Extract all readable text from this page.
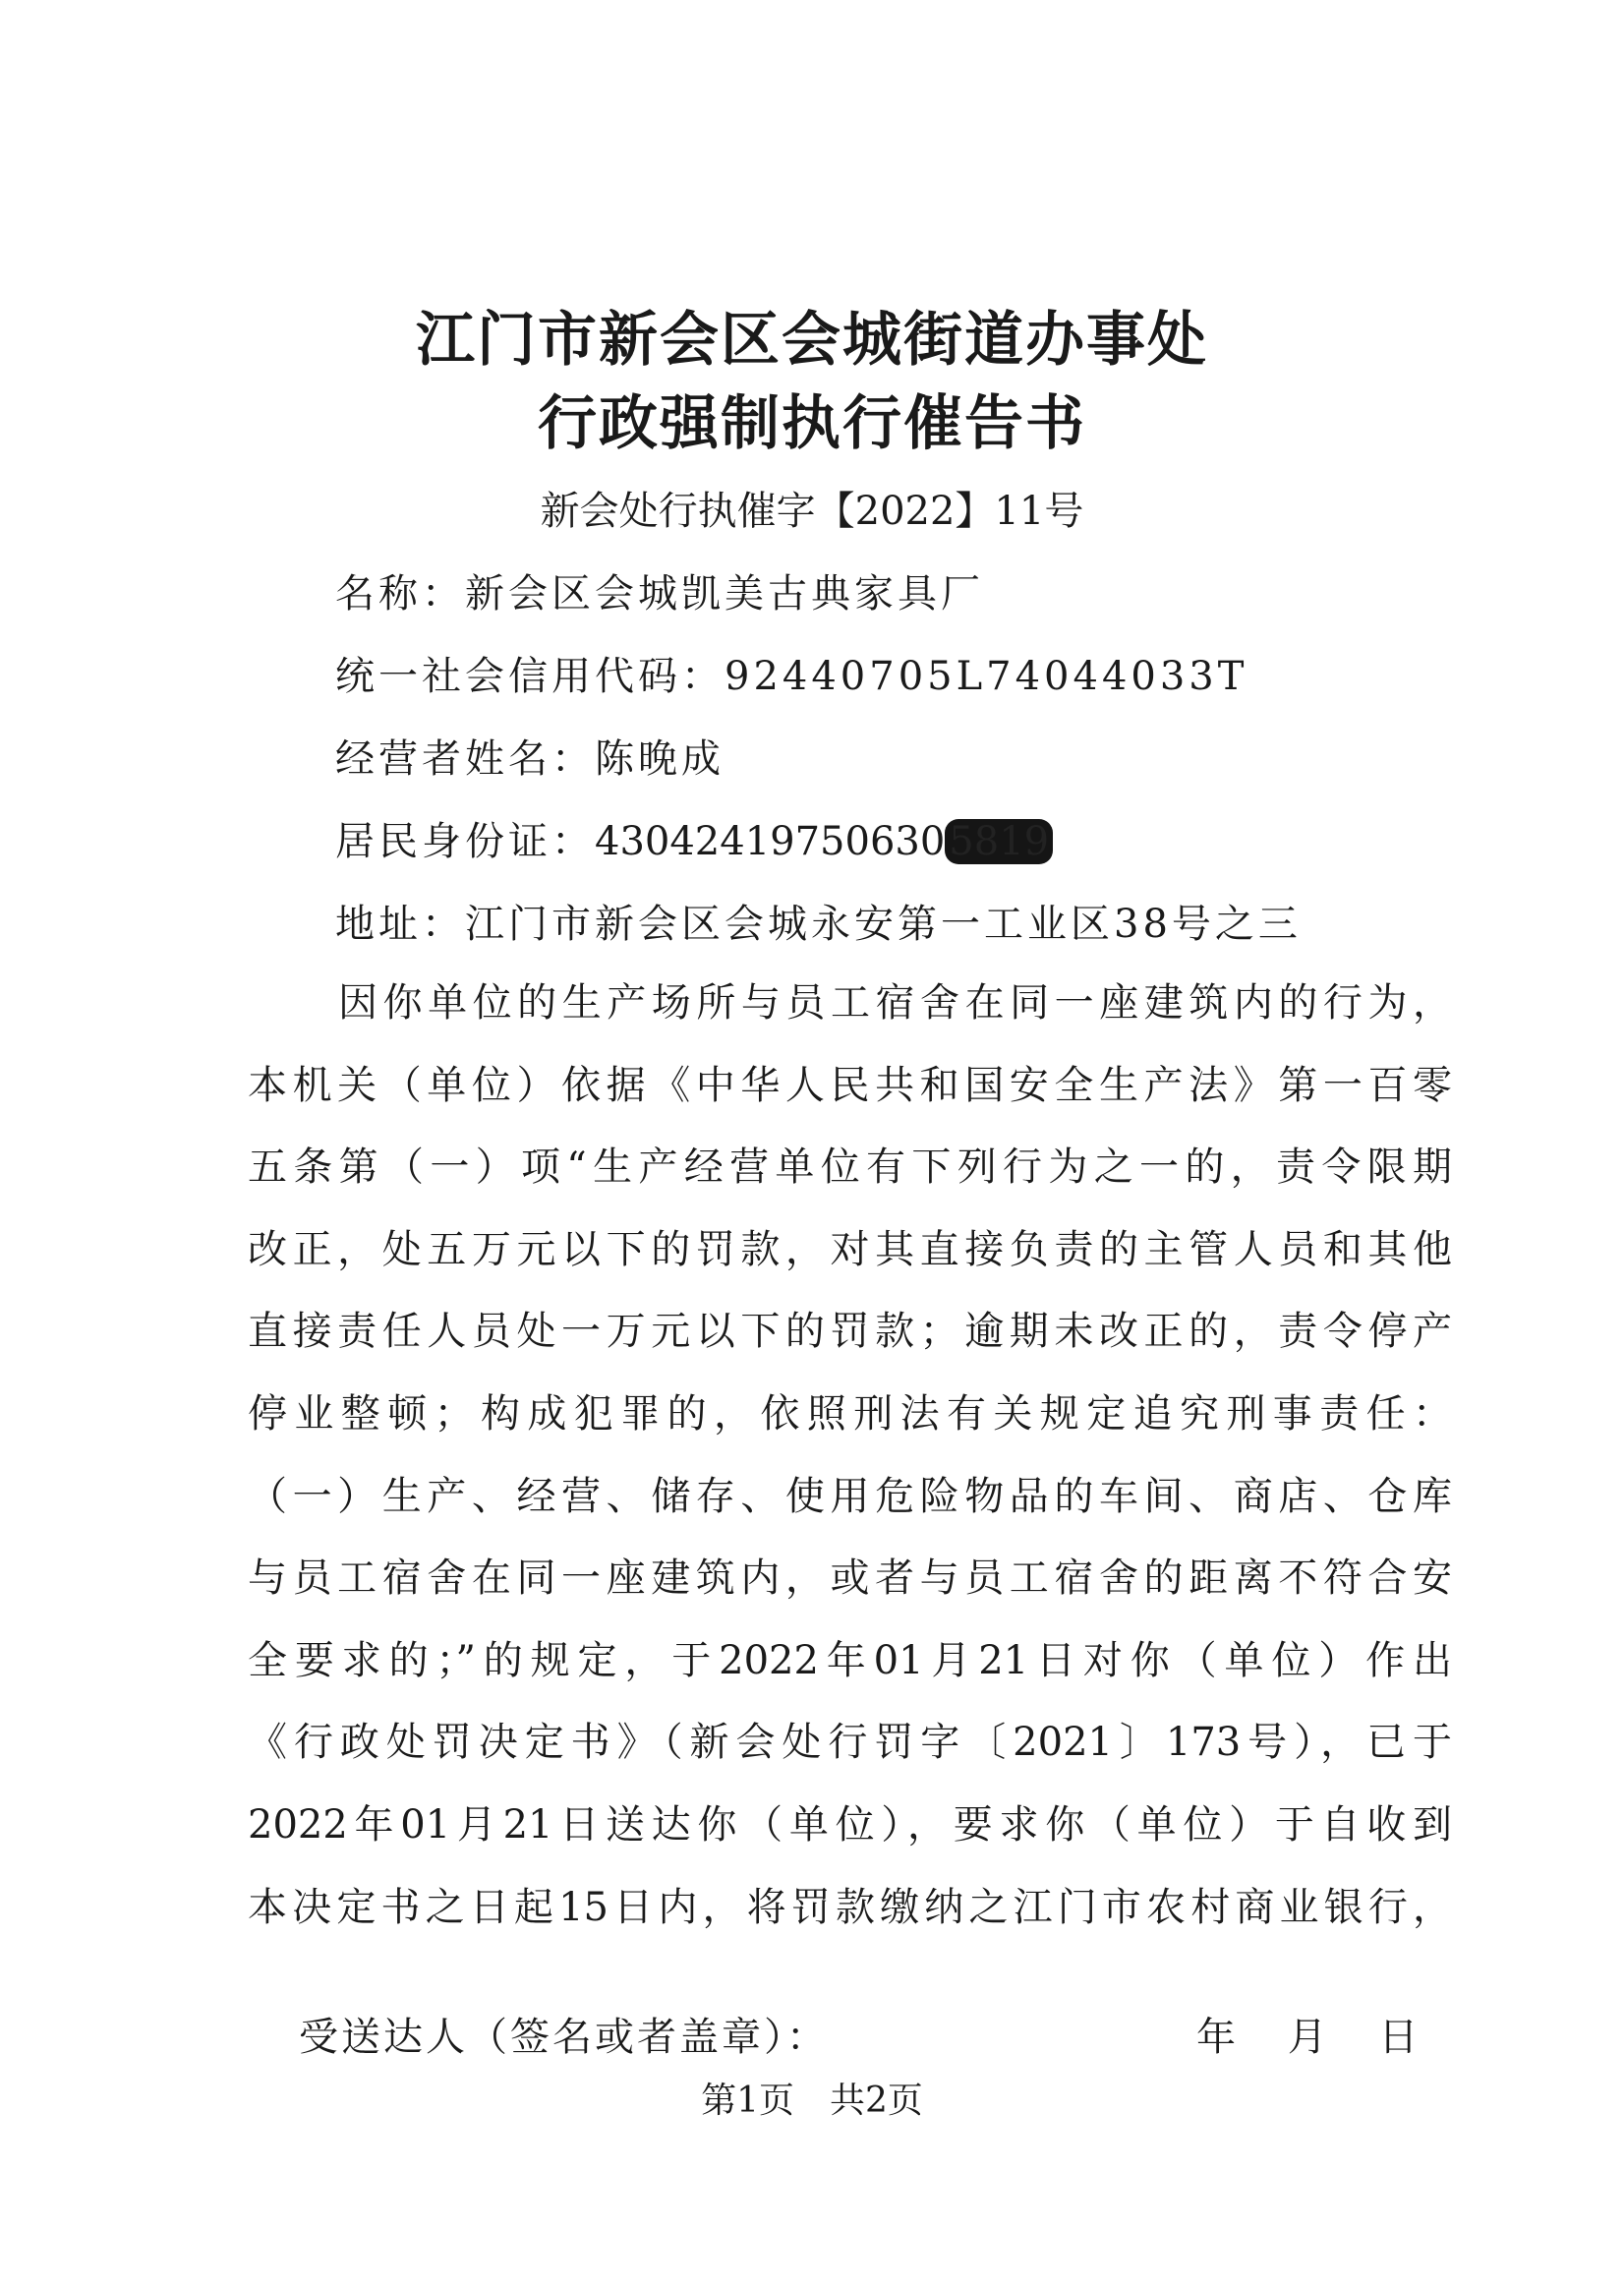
江门市新会区会城街道办事处
行政强制执行催告书
新会处行执催字【2022】11号
名称：新会区会城凯美古典家具厂
统一社会信用代码：92440705L74044033T
经营者姓名：陈晚成
居民身份证：43042419750630 5819
地址：江门市新会区会城永安第一工业区38号之三
因你单位的生产场所与员工宿舍在同一座建筑内的行为，
本机关（单位）依据《中华人民共和国安全生产法》第一百零
五条第（一）项“生产经营单位有下列行为之一的，责令限期
改正，处五万元以下的罚款，对其直接负责的主管人员和其他
直接责任人员处一万元以下的罚款；逾期未改正的，责令停产
停业整顿；构成犯罪的，依照刑法有关规定追究刑事责任：
（一）生产、经营、储存、使用危险物品的车间、商店、仓库
与员工宿舍在同一座建筑内，或者与员工宿舍的距离不符合安
全要求的；”的规定，于2022年01月21日对你（单位）作出
《行政处罚决定书》（新会处行罚字〔2021〕173号），已于
2022年01月21日送达你（单位），要求你（单位）于自收到
本决定书之日起15日内，将罚款缴纳之江门市农村商业银行，
受送达人（签名或者盖章）：	年 月 日
第1页　共2页
